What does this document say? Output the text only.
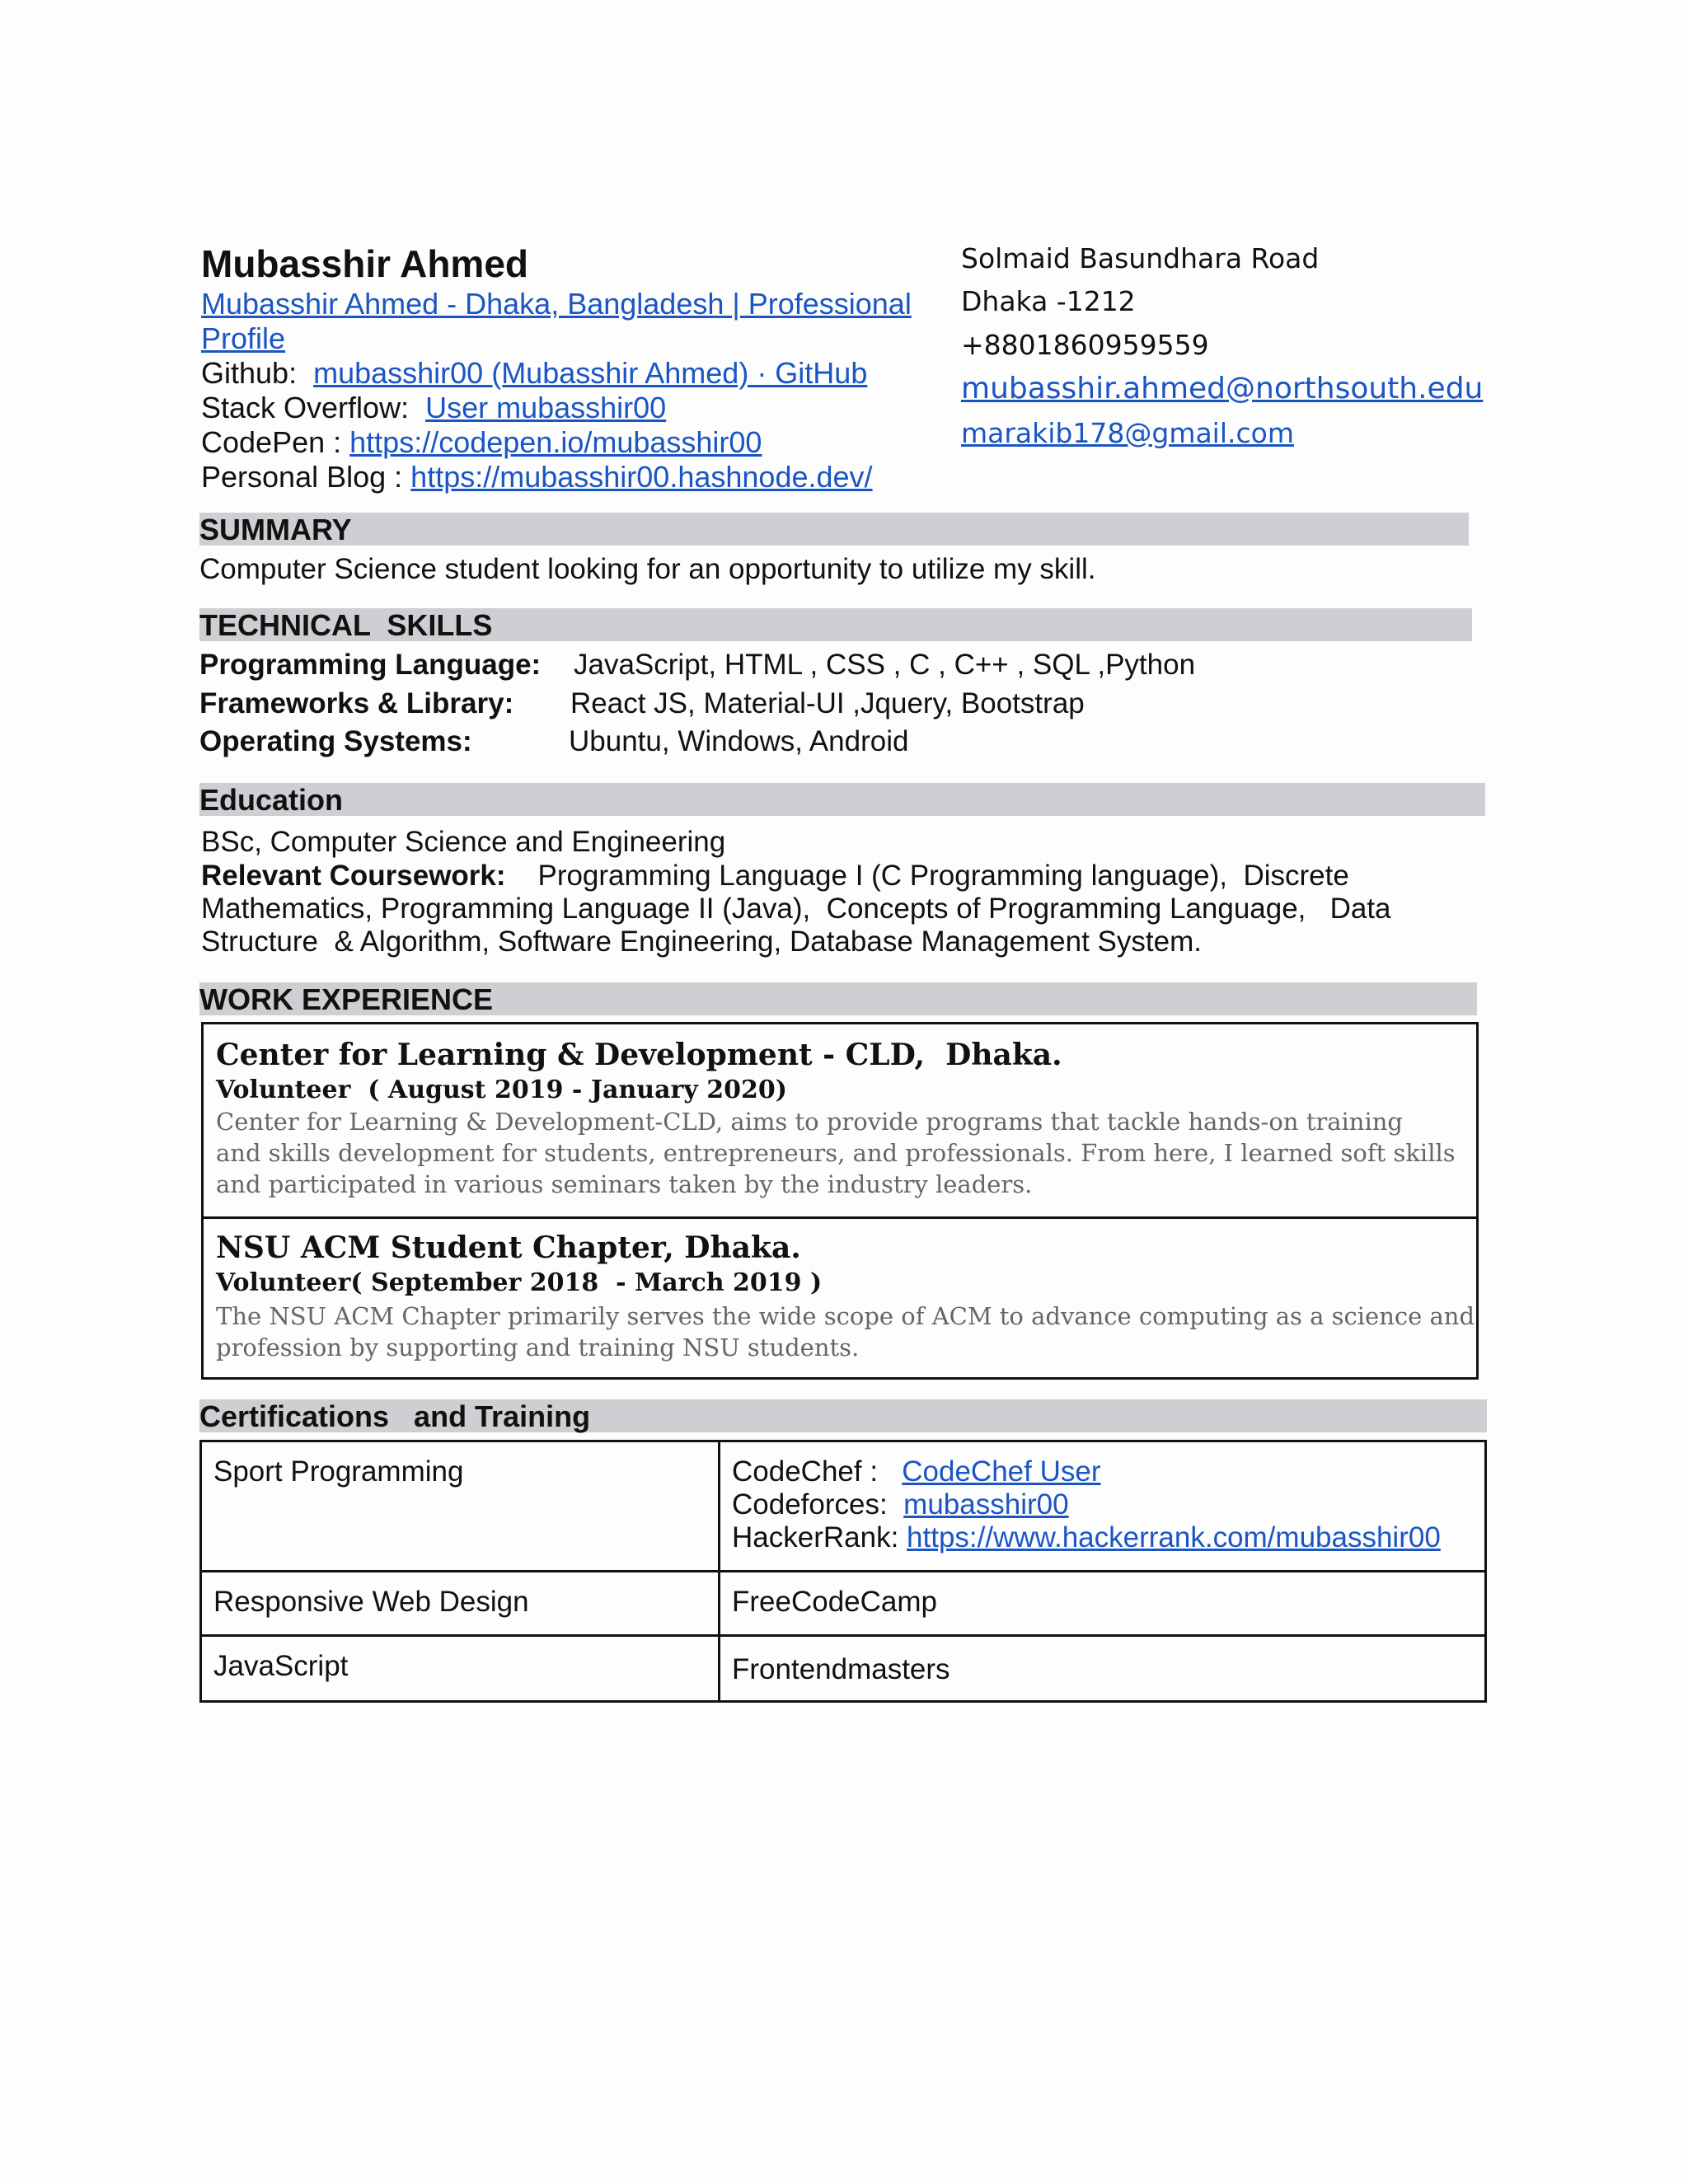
Mubasshir Ahmed
Mubasshir Ahmed - Dhaka, Bangladesh | Professional
Profile
Github: mubasshir00 (Mubasshir Ahmed) · GitHub
Stack Overflow: User mubasshir00
CodePen : https://codepen.io/mubasshir00
Personal Blog : https://mubasshir00.hashnode.dev/
Solmaid Basundhara Road
Dhaka -1212
+8801860959559
mubasshir.ahmed@northsouth.edu
marakib178@gmail.com
SUMMARY
Computer Science student looking for an opportunity to utilize my skill.
TECHNICAL  SKILLS
Programming Language: JavaScript, HTML , CSS , C , C++ , SQL ,Python
Frameworks & Library: React JS, Material-UI ,Jquery, Bootstrap
Operating Systems:	Ubuntu, Windows, Android
Education
BSc, Computer Science and Engineering
Relevant Coursework: Programming Language I (C Programming language),  Discrete
Mathematics, Programming Language II (Java),  Concepts of Programming Language,   Data
Structure  & Algorithm, Software Engineering, Database Management System.
WORK EXPERIENCE
Center for Learning & Development - CLD,  Dhaka.
Volunteer  ( August 2019 - January 2020)
Center for Learning & Development-CLD, aims to provide programs that tackle hands-on training
and skills development for students, entrepreneurs, and professionals. From here, I learned soft skills
and participated in various seminars taken by the industry leaders.
NSU ACM Student Chapter, Dhaka.
Volunteer( September 2018  - March 2019 )
The NSU ACM Chapter primarily serves the wide scope of ACM to advance computing as a science and
profession by supporting and training NSU students.
Certifications   and Training
Sport Programming	CodeChef : CodeChef User
Codeforces: mubasshir00
HackerRank: https://www.hackerrank.com/mubasshir00

Responsive Web Design	FreeCodeCamp
JavaScript	Frontendmasters
